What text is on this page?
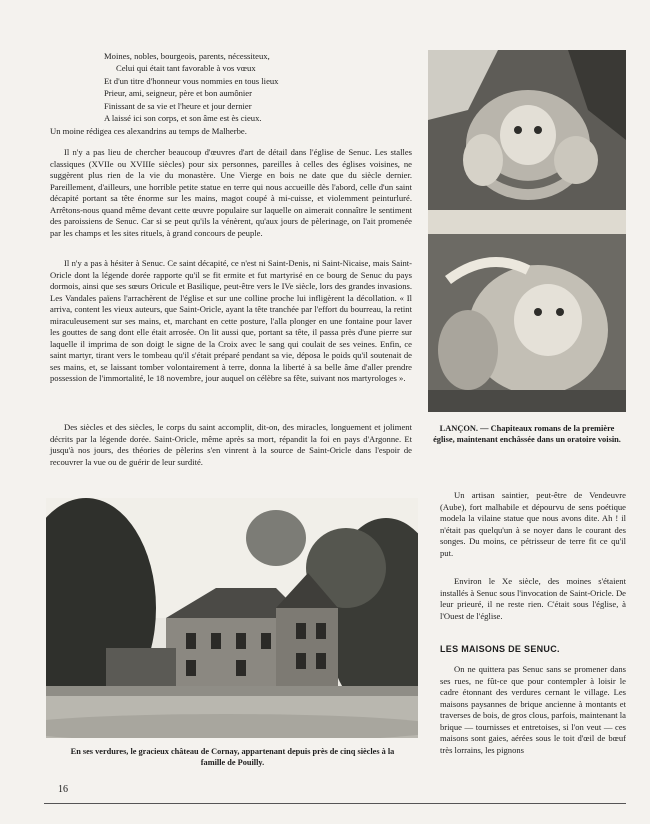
Moines, nobles, bourgeois, parents, nécessiteux,
Celui qui était tant favorable à vos vœux
Et d'un titre d'honneur vous nommies en tous lieux
Prieur, ami, seigneur, père et bon aumônier
Finissant de sa vie et l'heure et jour dernier
A laissé ici son corps, et son âme est ès cieux.
Un moine rédigea ces alexandrins au temps de Malherbe.

Il n'y a pas lieu de chercher beaucoup d'œuvres d'art de détail dans l'église de Senuc. Les stalles classiques (XVIIe ou XVIIIe siècles) pour six personnes, pareilles à celles des églises voisines, ne suggèrent plus rien de la vie du monastère. Une Vierge en bois ne date que du siècle dernier. Pareillement, d'ailleurs, une horrible petite statue en terre qui nous accueille dès l'abord, celle d'un saint décapité portant sa tête énorme sur les mains, magot coupé à mi-cuisse, et violemment peinturluré. Arrêtons-nous quand même devant cette œuvre populaire sur laquelle on aimerait connaître le sentiment des paroissiens de Senuc. Car si se peut qu'ils la vénèrent, qu'aux jours de pèlerinage, on l'ait promenée par les champs et les sites rituels, à grand concours de peuple.

Il n'y a pas à hésiter à Senuc. Ce saint décapité, ce n'est ni Saint-Denis, ni Saint-Nicaise, mais Saint-Oricle dont la légende dorée rapporte qu'il se fit ermite et fut martyrisé en ce bourg de Senuc du pays dormois, ainsi que ses sœurs Oricule et Basilique, peut-être vers le IVe siècle, lors des grandes invasions. Les Vandales païens l'arrachèrent de l'église et sur une colline proche lui infligèrent la décollation. « Il arriva, content les vieux auteurs, que Saint-Oricle, ayant la tête tranchée par l'effort du bourreau, la retint miraculeusement sur ses mains, et, marchant en cette posture, l'alla plonger en une fontaine pour laver les gouttes de sang dont elle était arrosée. On lit aussi que, portant sa tête, il passa près d'une pierre sur laquelle il imprima de son doigt le signe de la Croix avec le sang qui coulait de ses veines. Enfin, ce saint martyr, tirant vers le tombeau qu'il s'était préparé pendant sa vie, déposa le poids qu'il soutenait de ses mains, et, se laissant tomber volontairement à terre, donna la liberté à sa belle âme d'aller prendre possession de l'immortalité, le 18 novembre, jour auquel on célèbre sa fête, suivant nos martyrologes ».

Des siècles et des siècles, le corps du saint accomplit, dit-on, des miracles, longuement et joliment décrits par la légende dorée. Saint-Oricle, même après sa mort, répandit la foi en pays d'Argonne. Et jusqu'à nos jours, des théories de pèlerins s'en vinrent à la source de Saint-Oricle dans l'espoir de recouvrer la vue ou de guérir de leur surdité.

LANÇON. — Chapiteaux romans de la première église, maintenant enchâssée dans un oratoire voisin.
En ses verdures, le gracieux château de Cornay, appartenant depuis près de cinq siècles à la famille de Pouilly.

Un artisan saintier, peut-être de Vendeuvre (Aube), fort malhabile et dépourvu de sens poétique modela la vilaine statue que nous avons dite. Ah ! il n'était pas quelqu'un à se noyer dans le courant des songes. Du moins, ce pétrisseur de terre fit ce qu'il put.

Environ le Xe siècle, des moines s'étaient installés à Senuc sous l'invocation de Saint-Oricle. De leur prieuré, il ne reste rien. C'était sous l'église, à l'Ouest de l'église.

LES MAISONS DE SENUC.

On ne quittera pas Senuc sans se promener dans ses rues, ne fût-ce que pour contempler à loisir le cadre étonnant des verdures cernant le village. Les maisons paysannes de brique ancienne à montants et traverses de bois, de gros clous, parfois, maintenant la brique — tournisses et entretoises, si l'on veut — ces maisons sont gaies, aérées sous le toit d'œil de bœuf très lorrains, les pignons

16
